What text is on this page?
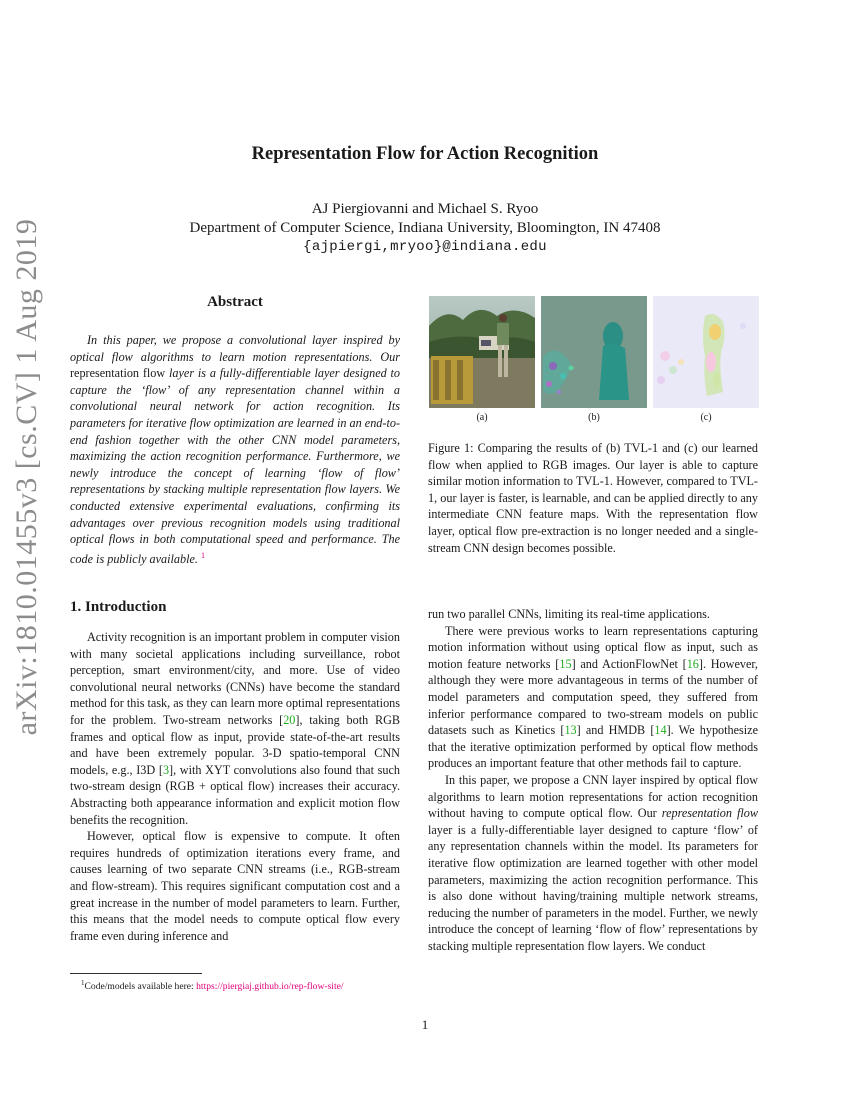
arXiv:1810.01455v3 [cs.CV] 1 Aug 2019
Representation Flow for Action Recognition
AJ Piergiovanni and Michael S. Ryoo
Department of Computer Science, Indiana University, Bloomington, IN 47408
{ajpiergi,mryoo}@indiana.edu
Abstract
In this paper, we propose a convolutional layer inspired by optical flow algorithms to learn motion representations. Our representation flow layer is a fully-differentiable layer designed to capture the ‘flow’ of any representation channel within a convolutional neural network for action recognition. Its parameters for iterative flow optimization are learned in an end-to-end fashion together with the other CNN model parameters, maximizing the action recognition performance. Furthermore, we newly introduce the concept of learning ‘flow of flow’ representations by stacking multiple representation flow layers. We conducted extensive experimental evaluations, confirming its advantages over previous recognition models using traditional optical flows in both computational speed and performance. The code is publicly available. $^1$
1. Introduction

Activity recognition is an important problem in computer vision with many societal applications including surveillance, robot perception, smart environment/city, and more. Use of video convolutional neural networks (CNNs) have become the standard method for this task, as they can learn more optimal representations for the problem. Two-stream networks [20], taking both RGB frames and optical flow as input, provide state-of-the-art results and have been extremely popular. 3-D spatio-temporal CNN models, e.g., I3D [3], with XYT convolutions also found that such two-stream design (RGB + optical flow) increases their accuracy. Abstracting both appearance information and explicit motion flow benefits the recognition.

However, optical flow is expensive to compute. It often requires hundreds of optimization iterations every frame, and causes learning of two separate CNN streams (i.e., RGB-stream and flow-stream). This requires significant computation cost and a great increase in the number of model parameters to learn. Further, this means that the model needs to compute optical flow every frame even during inference and

run two parallel CNNs, limiting its real-time applications.

There were previous works to learn representations capturing motion information without using optical flow as input, such as motion feature networks [15] and ActionFlowNet [16]. However, although they were more advantageous in terms of the number of model parameters and computation speed, they suffered from inferior performance compared to two-stream models on public datasets such as Kinetics [13] and HMDB [14]. We hypothesize that the iterative optimization performed by optical flow methods produces an important feature that other methods fail to capture.

In this paper, we propose a CNN layer inspired by optical flow algorithms to learn motion representations for action recognition without having to compute optical flow. Our representation flow layer is a fully-differentiable layer designed to capture ‘flow’ of any representation channels within the model. Its parameters for iterative flow optimization are learned together with other model parameters, maximizing the action recognition performance. This is also done without having/training multiple network streams, reducing the number of parameters in the model. Further, we newly introduce the concept of learning ‘flow of flow’ representations by stacking multiple representation flow layers. We conduct

(a)	(b)	(c)
Figure 1: Comparing the results of (b) TVL-1 and (c) our learned flow when applied to RGB images. Our layer is able to capture similar motion information to TVL-1. However, compared to TVL-1, our layer is faster, is learnable, and can be applied directly to any intermediate CNN feature maps. With the representation flow layer, optical flow pre-extraction is no longer needed and a single-stream CNN design becomes possible.
$^1$Code/models available here: https://piergiaj.github.io/rep-flow-site/
1
